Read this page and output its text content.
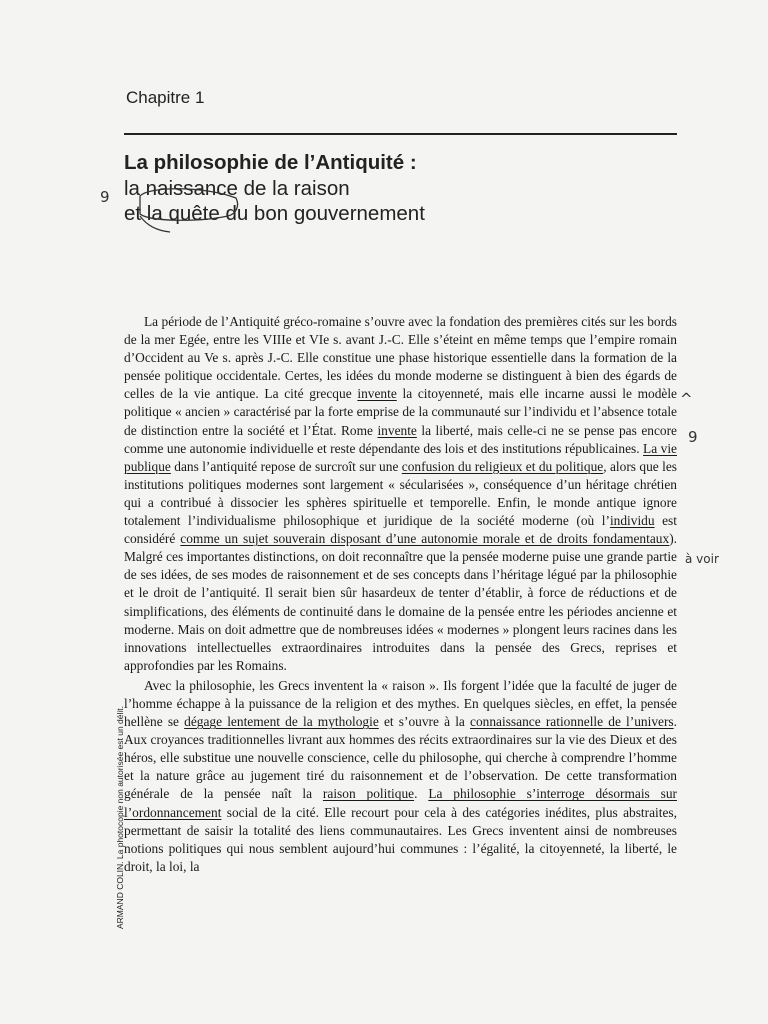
Chapitre 1
La philosophie de l’Antiquité :
la naissance de la raison
et la quête du bon gouvernement

La période de l’Antiquité gréco-romaine s’ouvre avec la fondation des premières cités sur les bords de la mer Egée, entre les VIIIe et VIe s. avant J.-C. Elle s’éteint en même temps que l’empire romain d’Occident au Ve s. après J.-C. Elle constitue une phase historique essentielle dans la formation de la pensée politique occidentale. Certes, les idées du monde moderne se distinguent à bien des égards de celles de la vie antique. La cité grecque invente la citoyenneté, mais elle incarne aussi le modèle politique « ancien » caractérisé par la forte emprise de la communauté sur l’individu et l’absence totale de distinction entre la société et l’État. Rome invente la liberté, mais celle-ci ne se pense pas encore comme une autonomie individuelle et reste dépendante des lois et des institutions républicaines. La vie publique dans l’antiquité repose de surcroît sur une confusion du religieux et du politique, alors que les institutions politiques modernes sont largement « sécularisées », conséquence d’un héritage chrétien qui a contribué à dissocier les sphères spirituelle et temporelle. Enfin, le monde antique ignore totalement l’individualisme philosophique et juridique de la société moderne (où l’individu est considéré comme un sujet souverain disposant d’une autonomie morale et de droits fondamentaux). Malgré ces importantes distinctions, on doit reconnaître que la pensée moderne puise une grande partie de ses idées, de ses modes de raisonnement et de ses concepts dans l’héritage légué par la philosophie et le droit de l’antiquité. Il serait bien sûr hasardeux de tenter d’établir, à force de réductions et de simplifications, des éléments de continuité dans le domaine de la pensée entre les périodes ancienne et moderne. Mais on doit admettre que de nombreuses idées « modernes » plongent leurs racines dans les innovations intellectuelles extraordinaires introduites dans la pensée des Grecs, reprises et approfondies par les Romains.

Avec la philosophie, les Grecs inventent la « raison ». Ils forgent l’idée que la faculté de juger de l’homme échappe à la puissance de la religion et des mythes. En quelques siècles, en effet, la pensée hellène se dégage lentement de la mythologie et s’ouvre à la connaissance rationnelle de l’univers. Aux croyances traditionnelles livrant aux hommes des récits extraordinaires sur la vie des Dieux et des héros, elle substitue une nouvelle conscience, celle du philosophe, qui cherche à comprendre l’homme et la nature grâce au jugement tiré du raisonnement et de l’observation. De cette transformation générale de la pensée naît la raison politique. La philosophie s’interroge désormais sur l’ordonnancement social de la cité. Elle recourt pour cela à des catégories inédites, plus abstraites, permettant de saisir la totalité des liens communautaires. Les Grecs inventent ainsi de nombreuses notions politiques qui nous semblent aujourd’hui communes : l’égalité, la citoyenneté, la liberté, le droit, la loi, la

ARMAND COLIN. La photocopie non autorisée est un délit.
9
^
9
à voir
